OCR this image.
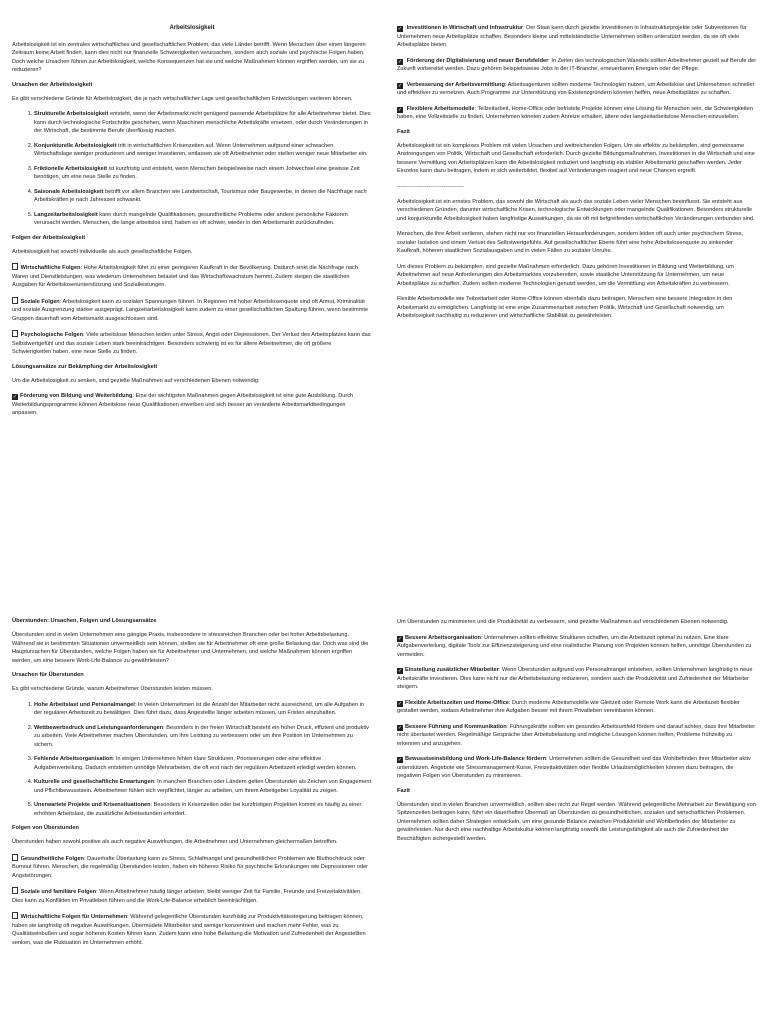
Arbeitslosigkeit

Arbeitslosigkeit ist ein zentrales wirtschaftliches und gesellschaftliches Problem, das viele Länder betrifft. Wenn Menschen über einen längeren Zeitraum keine Arbeit finden, kann dies nicht nur finanzielle Schwierigkeiten verursachen, sondern auch soziale und psychische Folgen haben. Doch welche Ursachen führen zur Arbeitslosigkeit, welche Konsequenzen hat sie und welche Maßnahmen können ergriffen werden, um sie zu reduzieren?

Ursachen der Arbeitslosigkeit

Es gibt verschiedene Gründe für Arbeitslosigkeit, die je nach wirtschaftlicher Lage und gesellschaftlichen Entwicklungen variieren können.

1. Strukturelle Arbeitslosigkeit entsteht, wenn der Arbeitsmarkt nicht genügend passende Arbeitsplätze für alle Arbeitnehmer bietet. Dies kann durch technologische Fortschritte geschehen, wenn Maschinen menschliche Arbeitskräfte ersetzen, oder durch Veränderungen in der Wirtschaft, die bestimmte Berufe überflüssig machen.
2. Konjunkturelle Arbeitslosigkeit tritt in wirtschaftlichen Krisenzeiten auf. Wenn Unternehmen aufgrund einer schwachen Wirtschaftslage weniger produzieren und weniger investieren, entlassen sie oft Arbeitnehmer oder stellen weniger neue Mitarbeiter ein.
3. Friktionelle Arbeitslosigkeit ist kurzfristig und entsteht, wenn Menschen beispielsweise nach einem Jobwechsel eine gewisse Zeit benötigen, um eine neue Stelle zu finden.
4. Saisonale Arbeitslosigkeit betrifft vor allem Branchen wie Landwirtschaft, Tourismus oder Baugewerbe, in denen die Nachfrage nach Arbeitskräften je nach Jahreszeit schwankt.
5. Langzeitarbeitslosigkeit kann durch mangelnde Qualifikationen, gesundheitliche Probleme oder andere persönliche Faktoren verursacht werden. Menschen, die lange arbeitslos sind, haben es oft schwer, wieder in den Arbeitsmarkt zurückzufinden.
Folgen der Arbeitslosigkeit

Arbeitslosigkeit hat sowohl individuelle als auch gesellschaftliche Folgen.

Wirtschaftliche Folgen: Hohe Arbeitslosigkeit führt zu einer geringeren Kaufkraft in der Bevölkerung. Dadurch sinkt die Nachfrage nach Waren und Dienstleistungen, was wiederum Unternehmen belastet und das Wirtschaftswachstum hemmt. Zudem steigen die staatlichen Ausgaben für Arbeitslosenunterstützung und Sozialleistungen.

Soziale Folgen: Arbeitslosigkeit kann zu sozialen Spannungen führen. In Regionen mit hoher Arbeitslosenquote sind oft Armut, Kriminalität und soziale Ausgrenzung stärker ausgeprägt. Langzeitarbeitslosigkeit kann zudem zu einer gesellschaftlichen Spaltung führen, wenn bestimmte Gruppen dauerhaft vom Arbeitsmarkt ausgeschlossen sind.

Psychologische Folgen: Viele arbeitslose Menschen leiden unter Stress, Angst oder Depressionen. Der Verlust des Arbeitsplatzes kann das Selbstwertgefühl und das soziale Leben stark beeinträchtigen. Besonders schwierig ist es für ältere Arbeitnehmer, die oft größere Schwierigkeiten haben, eine neue Stelle zu finden.

Lösungsansätze zur Bekämpfung der Arbeitslosigkeit

Um die Arbeitslosigkeit zu senken, sind gezielte Maßnahmen auf verschiedenen Ebenen notwendig:

✓ Förderung von Bildung und Weiterbildung: Eine der wichtigsten Maßnahmen gegen Arbeitslosigkeit ist eine gute Ausbildung. Durch Weiterbildungsprogramme können Arbeitslose neue Qualifikationen erwerben und sich besser an veränderte Arbeitsmarktbedingungen anpassen.

✓ Investitionen in Wirtschaft und Infrastruktur: Der Staat kann durch gezielte Investitionen in Infrastrukturprojekte oder Subventionen für Unternehmen neue Arbeitsplätze schaffen. Besonders kleine und mittelständische Unternehmen sollten unterstützt werden, da sie oft viele Arbeitsplätze bieten.

✓ Förderung der Digitalisierung und neuer Berufsfelder: In Zeiten des technologischen Wandels sollten Arbeitnehmer gezielt auf Berufe der Zukunft vorbereitet werden. Dazu gehören beispielsweise Jobs in der IT-Branche, erneuerbaren Energien oder der Pflege.

✓ Verbesserung der Arbeitsvermittlung: Arbeitsagenturen sollten moderne Technologien nutzen, um Arbeitslose und Unternehmen schneller und effektiver zu vernetzen. Auch Programme zur Unterstützung von Existenzgründern könnten helfen, neue Arbeitsplätze zu schaffen.

✓ Flexiblere Arbeitsmodelle: Teilzeitarbeit, Home-Office oder befristete Projekte können eine Lösung für Menschen sein, die Schwierigkeiten haben, eine Vollzeitstelle zu finden. Unternehmen könnten zudem Anreize erhalten, ältere oder langzeitarbeitslose Menschen einzustellen.

Fazit

Arbeitslosigkeit ist ein komplexes Problem mit vielen Ursachen und weitreichenden Folgen. Um sie effektiv zu bekämpfen, sind gemeinsame Anstrengungen von Politik, Wirtschaft und Gesellschaft erforderlich. Durch gezielte Bildungsmaßnahmen, Investitionen in die Wirtschaft und eine bessere Vermittlung von Arbeitsplätzen kann die Arbeitslosigkeit reduziert und langfristig ein stabiler Arbeitsmarkt geschaffen werden. Jeder Einzelne kann dazu beitragen, indem er sich weiterbildet, flexibel auf Veränderungen reagiert und neue Chancen ergreift.

------------------------------------

Arbeitslosigkeit ist ein ernstes Problem, das sowohl die Wirtschaft als auch das soziale Leben vieler Menschen beeinflusst. Sie entsteht aus verschiedenen Gründen, darunter wirtschaftliche Krisen, technologische Entwicklungen oder mangelnde Qualifikationen. Besonders strukturelle und konjunkturelle Arbeitslosigkeit haben langfristige Auswirkungen, da sie oft mit tiefgreifenden wirtschaftlichen Veränderungen verbunden sind.

Menschen, die ihre Arbeit verlieren, stehen nicht nur vor finanziellen Herausforderungen, sondern leiden oft auch unter psychischem Stress, sozialer Isolation und einem Verlust des Selbstwertgefühls. Auf gesellschaftlicher Ebene führt eine hohe Arbeitslosenquote zu sinkender Kaufkraft, höheren staatlichen Sozialausgaben und in vielen Fällen zu sozialer Unruhe.

Um dieses Problem zu bekämpfen, sind gezielte Maßnahmen erforderlich. Dazu gehören Investitionen in Bildung und Weiterbildung, um Arbeitnehmer auf neue Anforderungen des Arbeitsmarktes vorzubereiten, sowie staatliche Unterstützung für Unternehmen, um neue Arbeitsplätze zu schaffen. Zudem sollten moderne Technologien genutzt werden, um die Vermittlung von Arbeitskräften zu verbessern.

Flexible Arbeitsmodelle wie Teilzeitarbeit oder Home-Office können ebenfalls dazu beitragen, Menschen eine bessere Integration in den Arbeitsmarkt zu ermöglichen. Langfristig ist eine enge Zusammenarbeit zwischen Politik, Wirtschaft und Gesellschaft notwendig, um Arbeitslosigkeit nachhaltig zu reduzieren und wirtschaftliche Stabilität zu gewährleisten.

Überstunden: Ursachen, Folgen und Lösungsansätze

Überstunden sind in vielen Unternehmen eine gängige Praxis, insbesondere in stressreichen Branchen oder bei hoher Arbeitsbelastung. Während sie in bestimmten Situationen unvermeidlich sein können, stellen sie für Arbeitnehmer oft eine große Belastung dar. Doch was sind die Hauptursachen für Überstunden, welche Folgen haben sie für Arbeitnehmer und Unternehmen, und welche Maßnahmen können ergriffen werden, um eine bessere Work-Life-Balance zu gewährleisten?

Ursachen für Überstunden

Es gibt verschiedene Gründe, warum Arbeitnehmer Überstunden leisten müssen.

1. Hohe Arbeitslast und Personalmangel: In vielen Unternehmen ist die Anzahl der Mitarbeiter nicht ausreichend, um alle Aufgaben in der regulären Arbeitszeit zu bewältigen. Dies führt dazu, dass Angestellte länger arbeiten müssen, um Fristen einzuhalten.
2. Wettbewerbsdruck und Leistungsanforderungen: Besonders in der freien Wirtschaft besteht ein hoher Druck, effizient und produktiv zu arbeiten. Viele Arbeitnehmer machen Überstunden, um ihre Leistung zu verbessern oder um ihre Position im Unternehmen zu sichern.
3. Fehlende Arbeitsorganisation: In einigen Unternehmen fehlen klare Strukturen, Priorisierungen oder eine effektive Aufgabenverteilung. Dadurch entstehen unnötige Mehrarbeiten, die oft erst nach der regulären Arbeitszeit erledigt werden können.
4. Kulturelle und gesellschaftliche Erwartungen: In manchen Branchen oder Ländern gelten Überstunden als Zeichen von Engagement und Pflichtbewusstsein. Arbeitnehmer fühlen sich verpflichtet, länger zu arbeiten, um ihrem Arbeitgeber Loyalität zu zeigen.
5. Unerwartete Projekte und Krisensituationen: Besonders in Krisenzeiten oder bei kurzfristigen Projekten kommt es häufig zu einer erhöhten Arbeitslast, die zusätzliche Arbeitsstunden erfordert.
Folgen von Überstunden

Überstunden haben sowohl positive als auch negative Auswirkungen, die Arbeitnehmer und Unternehmen gleichermaßen betreffen.

Gesundheitliche Folgen: Dauerhafte Überlastung kann zu Stress, Schlafmangel und gesundheitlichen Problemen wie Bluthochdruck oder Burnout führen. Menschen, die regelmäßig Überstunden leisten, haben ein höheres Risiko für psychische Erkrankungen wie Depressionen oder Angststörungen.

Soziale und familiäre Folgen: Wenn Arbeitnehmer häufig länger arbeiten, bleibt weniger Zeit für Familie, Freunde und Freizeitaktivitäten. Dies kann zu Konflikten im Privatleben führen und die Work-Life-Balance erheblich beeinträchtigen.

Wirtschaftliche Folgen für Unternehmen: Während gelegentliche Überstunden kurzfristig zur Produktivitätssteigerung beitragen können, haben sie langfristig oft negative Auswirkungen. Übermüdete Mitarbeiter sind weniger konzentriert und machen mehr Fehler, was zu Qualitätseinbußen und sogar höheren Kosten führen kann. Zudem kann eine hohe Belastung die Motivation und Zufriedenheit der Angestellten senken, was die Fluktuation im Unternehmen erhöht.

Um Überstunden zu minimieren und die Produktivität zu verbessern, sind gezielte Maßnahmen auf verschiedenen Ebenen notwendig.

✓ Bessere Arbeitsorganisation: Unternehmen sollten effektive Strukturen schaffen, um die Arbeitszeit optimal zu nutzen. Eine klare Aufgabenverteilung, digitale Tools zur Effizienzsteigerung und eine realistische Planung von Projekten können helfen, unnötige Überstunden zu vermeiden.

✓ Einstellung zusätzlicher Mitarbeiter: Wenn Überstunden aufgrund von Personalmangel entstehen, sollten Unternehmen langfristig in neue Arbeitskräfte investieren. Dies kann nicht nur die Arbeitsbelastung reduzieren, sondern auch die Produktivität und Zufriedenheit der Mitarbeiter steigern.

✓ Flexible Arbeitszeiten und Home-Office: Durch moderne Arbeitsmodelle wie Gleitzeit oder Remote Work kann die Arbeitszeit flexibler gestaltet werden, sodass Arbeitnehmer ihre Aufgaben besser mit ihrem Privatleben vereinbaren können.

✓ Bessere Führung und Kommunikation: Führungskräfte sollten ein gesundes Arbeitsumfeld fördern und darauf achten, dass ihre Mitarbeiter nicht überlastet werden. Regelmäßige Gespräche über Arbeitsbelastung und mögliche Lösungen können helfen, Probleme frühzeitig zu erkennen und anzugehen.

✓ Bewusstseinsbildung und Work-Life-Balance fördern: Unternehmen sollten die Gesundheit und das Wohlbefinden ihrer Mitarbeiter aktiv unterstützen. Angebote wie Stressmanagement-Kurse, Freizeitaktivitäten oder flexible Urlaubsmöglichkeiten können dazu beitragen, die negativen Folgen von Überstunden zu minimieren.

Fazit

Überstunden sind in vielen Branchen unvermeidlich, sollten aber nicht zur Regel werden. Während gelegentliche Mehrarbeit zur Bewältigung von Spitzenzeiten beitragen kann, führt ein dauerhaftes Übermaß an Überstunden zu gesundheitlichen, sozialen und wirtschaftlichen Problemen. Unternehmen sollten daher Strategien entwickeln, um eine gesunde Balance zwischen Produktivität und Wohlbefinden der Mitarbeiter zu gewährleisten. Nur durch eine nachhaltige Arbeitskultur können langfristig sowohl die Leistungsfähigkeit als auch die Zufriedenheit der Beschäftigten sichergestellt werden.
